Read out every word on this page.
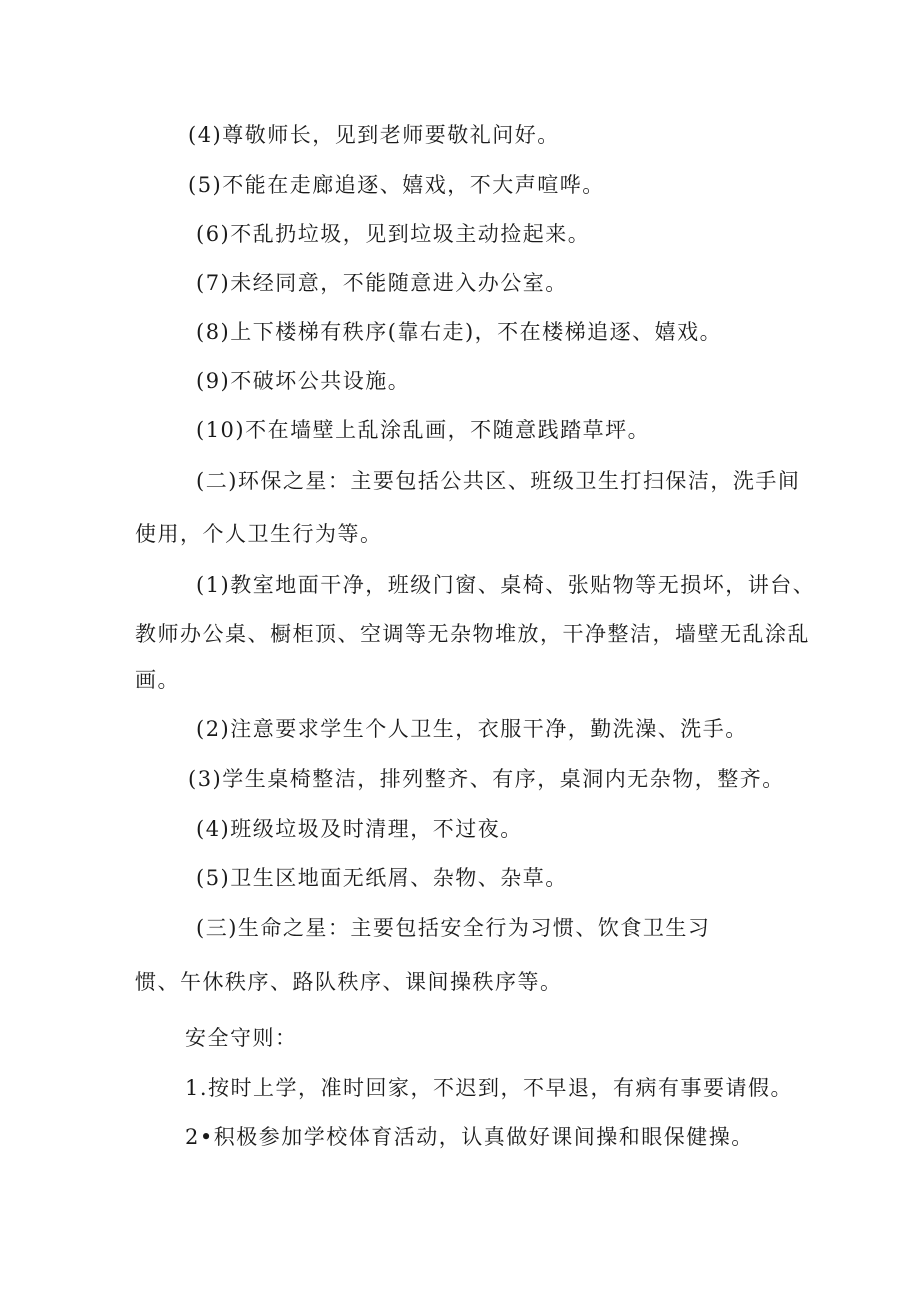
(4)尊敬师长，见到老师要敬礼问好。
(5)不能在走廊追逐、嬉戏，不大声喧哗。
(6)不乱扔垃圾，见到垃圾主动捡起来。
(7)未经同意，不能随意进入办公室。
(8)上下楼梯有秩序(靠右走)，不在楼梯追逐、嬉戏。
(9)不破坏公共设施。
(10)不在墙壁上乱涂乱画，不随意践踏草坪。
(二)环保之星：主要包括公共区、班级卫生打扫保洁，洗手间
使用，个人卫生行为等。
(1)教室地面干净，班级门窗、桌椅、张贴物等无损坏，讲台、
教师办公桌、橱柜顶、空调等无杂物堆放，干净整洁，墙壁无乱涂乱
画。
(2)注意要求学生个人卫生，衣服干净，勤洗澡、洗手。
(3)学生桌椅整洁，排列整齐、有序，桌洞内无杂物，整齐。
(4)班级垃圾及时清理，不过夜。
(5)卫生区地面无纸屑、杂物、杂草。
(三)生命之星：主要包括安全行为习惯、饮食卫生习
惯、午休秩序、路队秩序、课间操秩序等。
安全守则：
1.按时上学，准时回家，不迟到，不早退，有病有事要请假。
2•积极参加学校体育活动，认真做好课间操和眼保健操。
